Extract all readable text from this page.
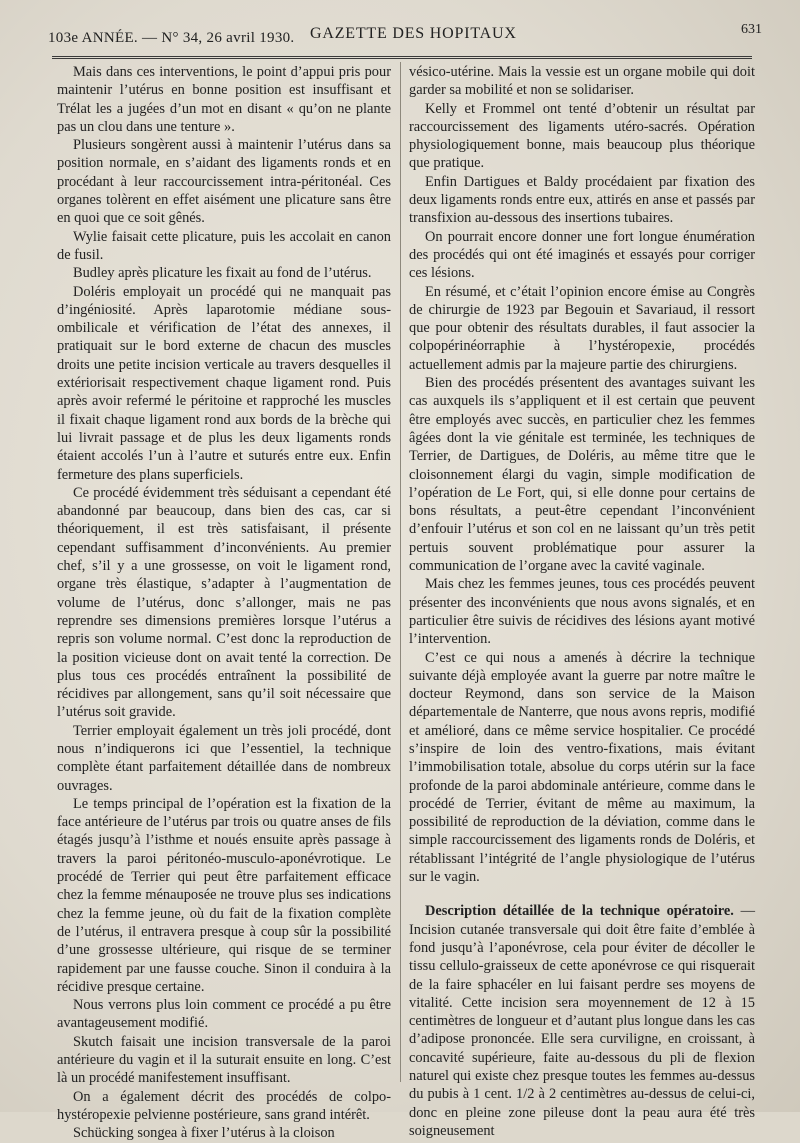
103e ANNÉE. — N° 34, 26 avril 1930. GAZETTE DES HOPITAUX	631

Mais dans ces interventions, le point d’appui pris pour maintenir l’utérus en bonne position est insuffisant et Trélat les a jugées d’un mot en disant « qu’on ne plante pas un clou dans une tenture ».

Plusieurs songèrent aussi à maintenir l’utérus dans sa position normale, en s’aidant des ligaments ronds et en procédant à leur raccourcissement intra-péritonéal. Ces organes tolèrent en effet aisément une plicature sans être en quoi que ce soit gênés.

Wylie faisait cette plicature, puis les accolait en canon de fusil.

Budley après plicature les fixait au fond de l’utérus.

Doléris employait un procédé qui ne manquait pas d’ingéniosité. Après laparotomie médiane sous-ombilicale et vérification de l’état des annexes, il pratiquait sur le bord externe de chacun des muscles droits une petite incision verticale au travers desquelles il extériorisait respectivement chaque ligament rond. Puis après avoir refermé le péritoine et rapproché les muscles il fixait chaque ligament rond aux bords de la brèche qui lui livrait passage et de plus les deux ligaments ronds étaient accolés l’un à l’autre et suturés entre eux. Enfin fermeture des plans superficiels.

Ce procédé évidemment très séduisant a cependant été abandonné par beaucoup, dans bien des cas, car si théoriquement, il est très satisfaisant, il présente cependant suffisamment d’inconvénients. Au premier chef, s’il y a une grossesse, on voit le ligament rond, organe très élastique, s’adapter à l’augmentation de volume de l’utérus, donc s’allonger, mais ne pas reprendre ses dimensions premières lorsque l’utérus a repris son volume normal. C’est donc la reproduction de la position vicieuse dont on avait tenté la correction. De plus tous ces procédés entraînent la possibilité de récidives par allongement, sans qu’il soit nécessaire que l’utérus soit gravide.

Terrier employait également un très joli procédé, dont nous n’indiquerons ici que l’essentiel, la technique complète étant parfaitement détaillée dans de nombreux ouvrages.

Le temps principal de l’opération est la fixation de la face antérieure de l’utérus par trois ou quatre anses de fils étagés jusqu’à l’isthme et noués ensuite après passage à travers la paroi péritonéo-musculo-aponévrotique. Le procédé de Terrier qui peut être parfaitement efficace chez la femme ménauposée ne trouve plus ses indications chez la femme jeune, où du fait de la fixation complète de l’utérus, il entravera presque à coup sûr la possibilité d’une grossesse ultérieure, qui risque de se terminer rapidement par une fausse couche. Sinon il conduira à la récidive presque certaine.

Nous verrons plus loin comment ce procédé a pu être avantageusement modifié.

Skutch faisait une incision transversale de la paroi antérieure du vagin et il la suturait ensuite en long. C’est là un procédé manifestement insuffisant.

On a également décrit des procédés de colpo-hystéropexie pelvienne postérieure, sans grand intérêt.

Schücking songea à fixer l’utérus à la cloison

vésico-utérine. Mais la vessie est un organe mobile qui doit garder sa mobilité et non se solidariser.

Kelly et Frommel ont tenté d’obtenir un résultat par raccourcissement des ligaments utéro-sacrés. Opération physiologiquement bonne, mais beaucoup plus théorique que pratique.

Enfin Dartigues et Baldy procédaient par fixation des deux ligaments ronds entre eux, attirés en anse et passés par transfixion au-dessous des insertions tubaires.

On pourrait encore donner une fort longue énumération des procédés qui ont été imaginés et essayés pour corriger ces lésions.

En résumé, et c’était l’opinion encore émise au Congrès de chirurgie de 1923 par Begouin et Savariaud, il ressort que pour obtenir des résultats durables, il faut associer la colpopérinéorraphie à l’hystéropexie, procédés actuellement admis par la majeure partie des chirurgiens.

Bien des procédés présentent des avantages suivant les cas auxquels ils s’appliquent et il est certain que peuvent être employés avec succès, en particulier chez les femmes âgées dont la vie génitale est terminée, les techniques de Terrier, de Dartigues, de Doléris, au même titre que le cloisonnement élargi du vagin, simple modification de l’opération de Le Fort, qui, si elle donne pour certains de bons résultats, a peut-être cependant l’inconvénient d’enfouir l’utérus et son col en ne laissant qu’un très petit pertuis souvent problématique pour assurer la communication de l’organe avec la cavité vaginale.

Mais chez les femmes jeunes, tous ces procédés peuvent présenter des inconvénients que nous avons signalés, et en particulier être suivis de récidives des lésions ayant motivé l’intervention.

C’est ce qui nous a amenés à décrire la technique suivante déjà employée avant la guerre par notre maître le docteur Reymond, dans son service de la Maison départementale de Nanterre, que nous avons repris, modifié et amélioré, dans ce même service hospitalier. Ce procédé s’inspire de loin des ventro-fixations, mais évitant l’immobilisation totale, absolue du corps utérin sur la face profonde de la paroi abdominale antérieure, comme dans le procédé de Terrier, évitant de même au maximum, la possibilité de reproduction de la déviation, comme dans le simple raccourcissement des ligaments ronds de Doléris, et rétablissant l’intégrité de l’angle physiologique de l’utérus sur le vagin.

Description détaillée de la technique opératoire. — Incision cutanée transversale qui doit être faite d’emblée à fond jusqu’à l’aponévrose, cela pour éviter de décoller le tissu cellulo-graisseux de cette aponévrose ce qui risquerait de la faire sphacéler en lui faisant perdre ses moyens de vitalité. Cette incision sera moyennement de 12 à 15 centimètres de longueur et d’autant plus longue dans les cas d’adipose prononcée. Elle sera curviligne, en croissant, à concavité supérieure, faite au-dessous du pli de flexion naturel qui existe chez presque toutes les femmes au-dessus du pubis à 1 cent. 1/2 à 2 centimètres au-dessus de celui-ci, donc en pleine zone pileuse dont la peau aura été très soigneusement
